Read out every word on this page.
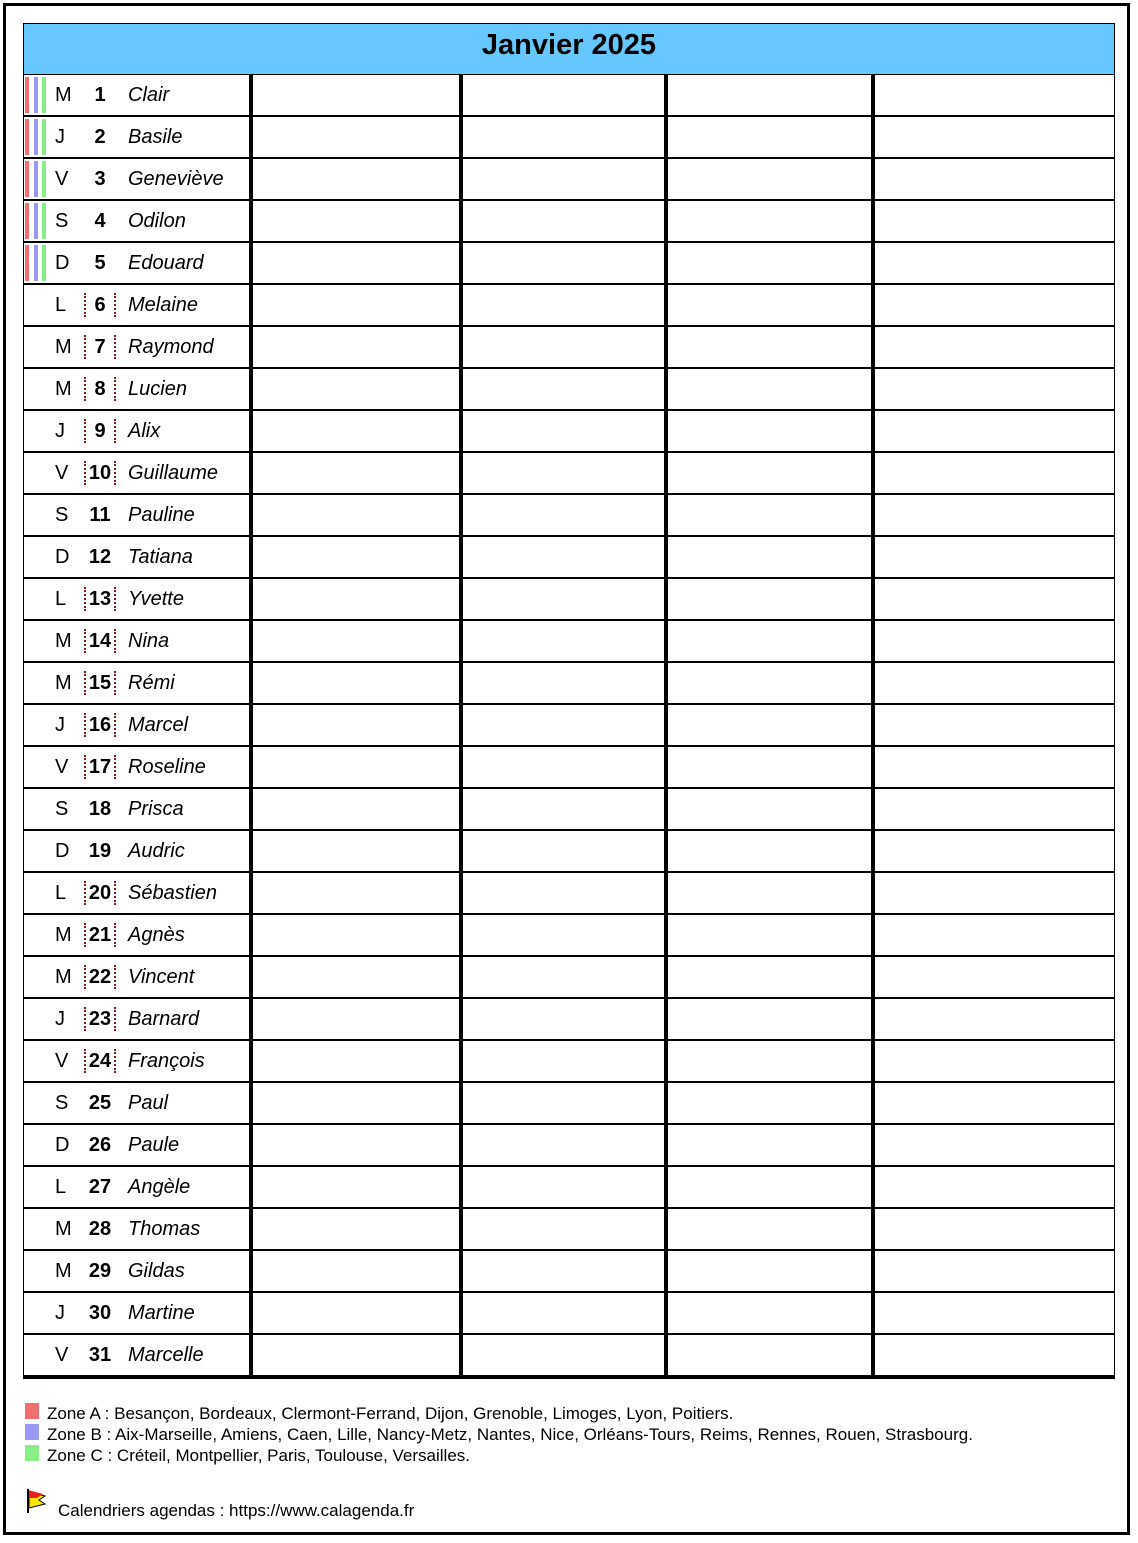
Janvier 2025
M	1	Clair
J	2	Basile
V	3	Geneviève
S	4	Odilon
D	5	Edouard
L	6	Melaine
M	7	Raymond
M	8	Lucien
J	9	Alix
V 10 Guillaume
S 11 Pauline
D 12 Tatiana
L 13 Yvette
M 14 Nina
M 15 Rémi
J 16 Marcel
V 17 Roseline
S 18 Prisca
D 19 Audric
L 20 Sébastien
M 21 Agnès
M 22 Vincent
J 23 Barnard
V 24 François
S 25 Paul
D 26 Paule
L 27 Angèle
M 28 Thomas
M 29 Gildas
J 30 Martine
V 31 Marcelle
Zone A : Besançon, Bordeaux, Clermont-Ferrand, Dijon, Grenoble, Limoges, Lyon, Poitiers.
Zone B : Aix-Marseille, Amiens, Caen, Lille, Nancy-Metz, Nantes, Nice, Orléans-Tours, Reims, Rennes, Rouen, Strasbourg.
Zone C : Créteil, Montpellier, Paris, Toulouse, Versailles.
Calendriers agendas : https://www.calagenda.fr
